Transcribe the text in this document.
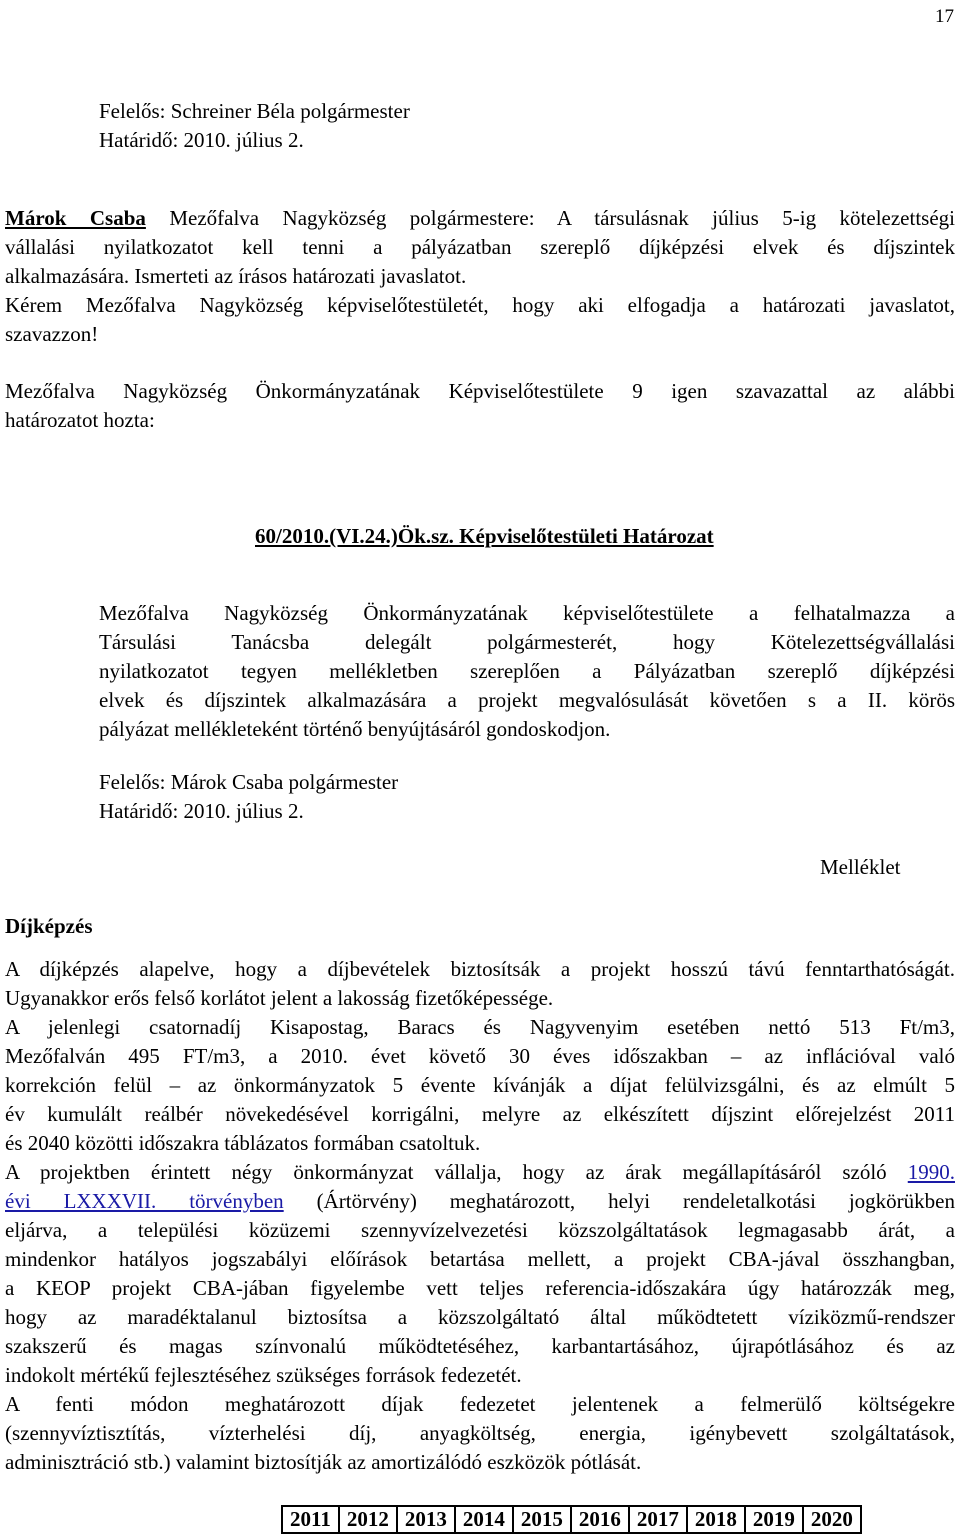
17
Felelős: Schreiner Béla polgármester
Határidő: 2010. július 2.
Márok Csaba Mezőfalva Nagyközség polgármestere: A társulásnak július 5-ig kötelezettségi
vállalási nyilatkozatot kell tenni a pályázatban szereplő díjképzési elvek és díjszintek
alkalmazására. Ismerteti az írásos határozati javaslatot.
Kérem Mezőfalva Nagyközség képviselőtestületét, hogy aki elfogadja a határozati javaslatot,
szavazzon!
Mezőfalva Nagyközség Önkormányzatának Képviselőtestülete 9 igen szavazattal az alábbi
határozatot hozta:
60/2010.(VI.24.)Ök.sz. Képviselőtestületi Határozat
Mezőfalva Nagyközség Önkormányzatának képviselőtestülete a felhatalmazza a
Társulási Tanácsba delegált polgármesterét, hogy Kötelezettségvállalási
nyilatkozatot tegyen mellékletben szereplően a Pályázatban szereplő díjképzési
elvek és díjszintek alkalmazására a projekt megvalósulását követően s a II. körös
pályázat mellékleteként történő benyújtásáról gondoskodjon.
Felelős: Márok Csaba polgármester
Határidő: 2010. július 2.
Melléklet
Díjképzés
A díjképzés alapelve, hogy a díjbevételek biztosítsák a projekt hosszú távú fenntarthatóságát.
Ugyanakkor erős felső korlátot jelent a lakosság fizetőképessége.
A jelenlegi csatornadíj Kisapostag, Baracs és Nagyvenyim esetében nettó 513 Ft/m3,
Mezőfalván 495 FT/m3, a 2010. évet követő 30 éves időszakban – az inflációval való
korrekción felül – az önkormányzatok 5 évente kívánják a díjat felülvizsgálni, és az elmúlt 5
év kumulált reálbér növekedésével korrigálni, melyre az elkészített díjszint előrejelzést 2011
és 2040 közötti időszakra táblázatos formában csatoltuk.
A projektben érintett négy önkormányzat vállalja, hogy az árak megállapításáról szóló 1990.
évi LXXXVII. törvényben (Ártörvény) meghatározott, helyi rendeletalkotási jogkörükben
eljárva, a települési közüzemi szennyvízelvezetési közszolgáltatások legmagasabb árát, a
mindenkor hatályos jogszabályi előírások betartása mellett, a projekt CBA-jával összhangban,
a KEOP projekt CBA-jában figyelembe vett teljes referencia-időszakára úgy határozzák meg,
hogy az maradéktalanul biztosítsa a közszolgáltató által működtetett víziközmű-rendszer
szakszerű és magas színvonalú működtetéséhez, karbantartásához, újrapótlásához és az
indokolt mértékű fejlesztéséhez szükséges források fedezetét.
A fenti módon meghatározott díjak fedezetet jelentenek a felmerülő költségekre
(szennyvíztisztítás, vízterhelési díj, anyagköltség, energia, igénybevett szolgáltatások,
adminisztráció stb.) valamint biztosítják az amortizálódó eszközök pótlását.
2011	2012	2013	2014	2015	2016	2017	2018	2019	2020
